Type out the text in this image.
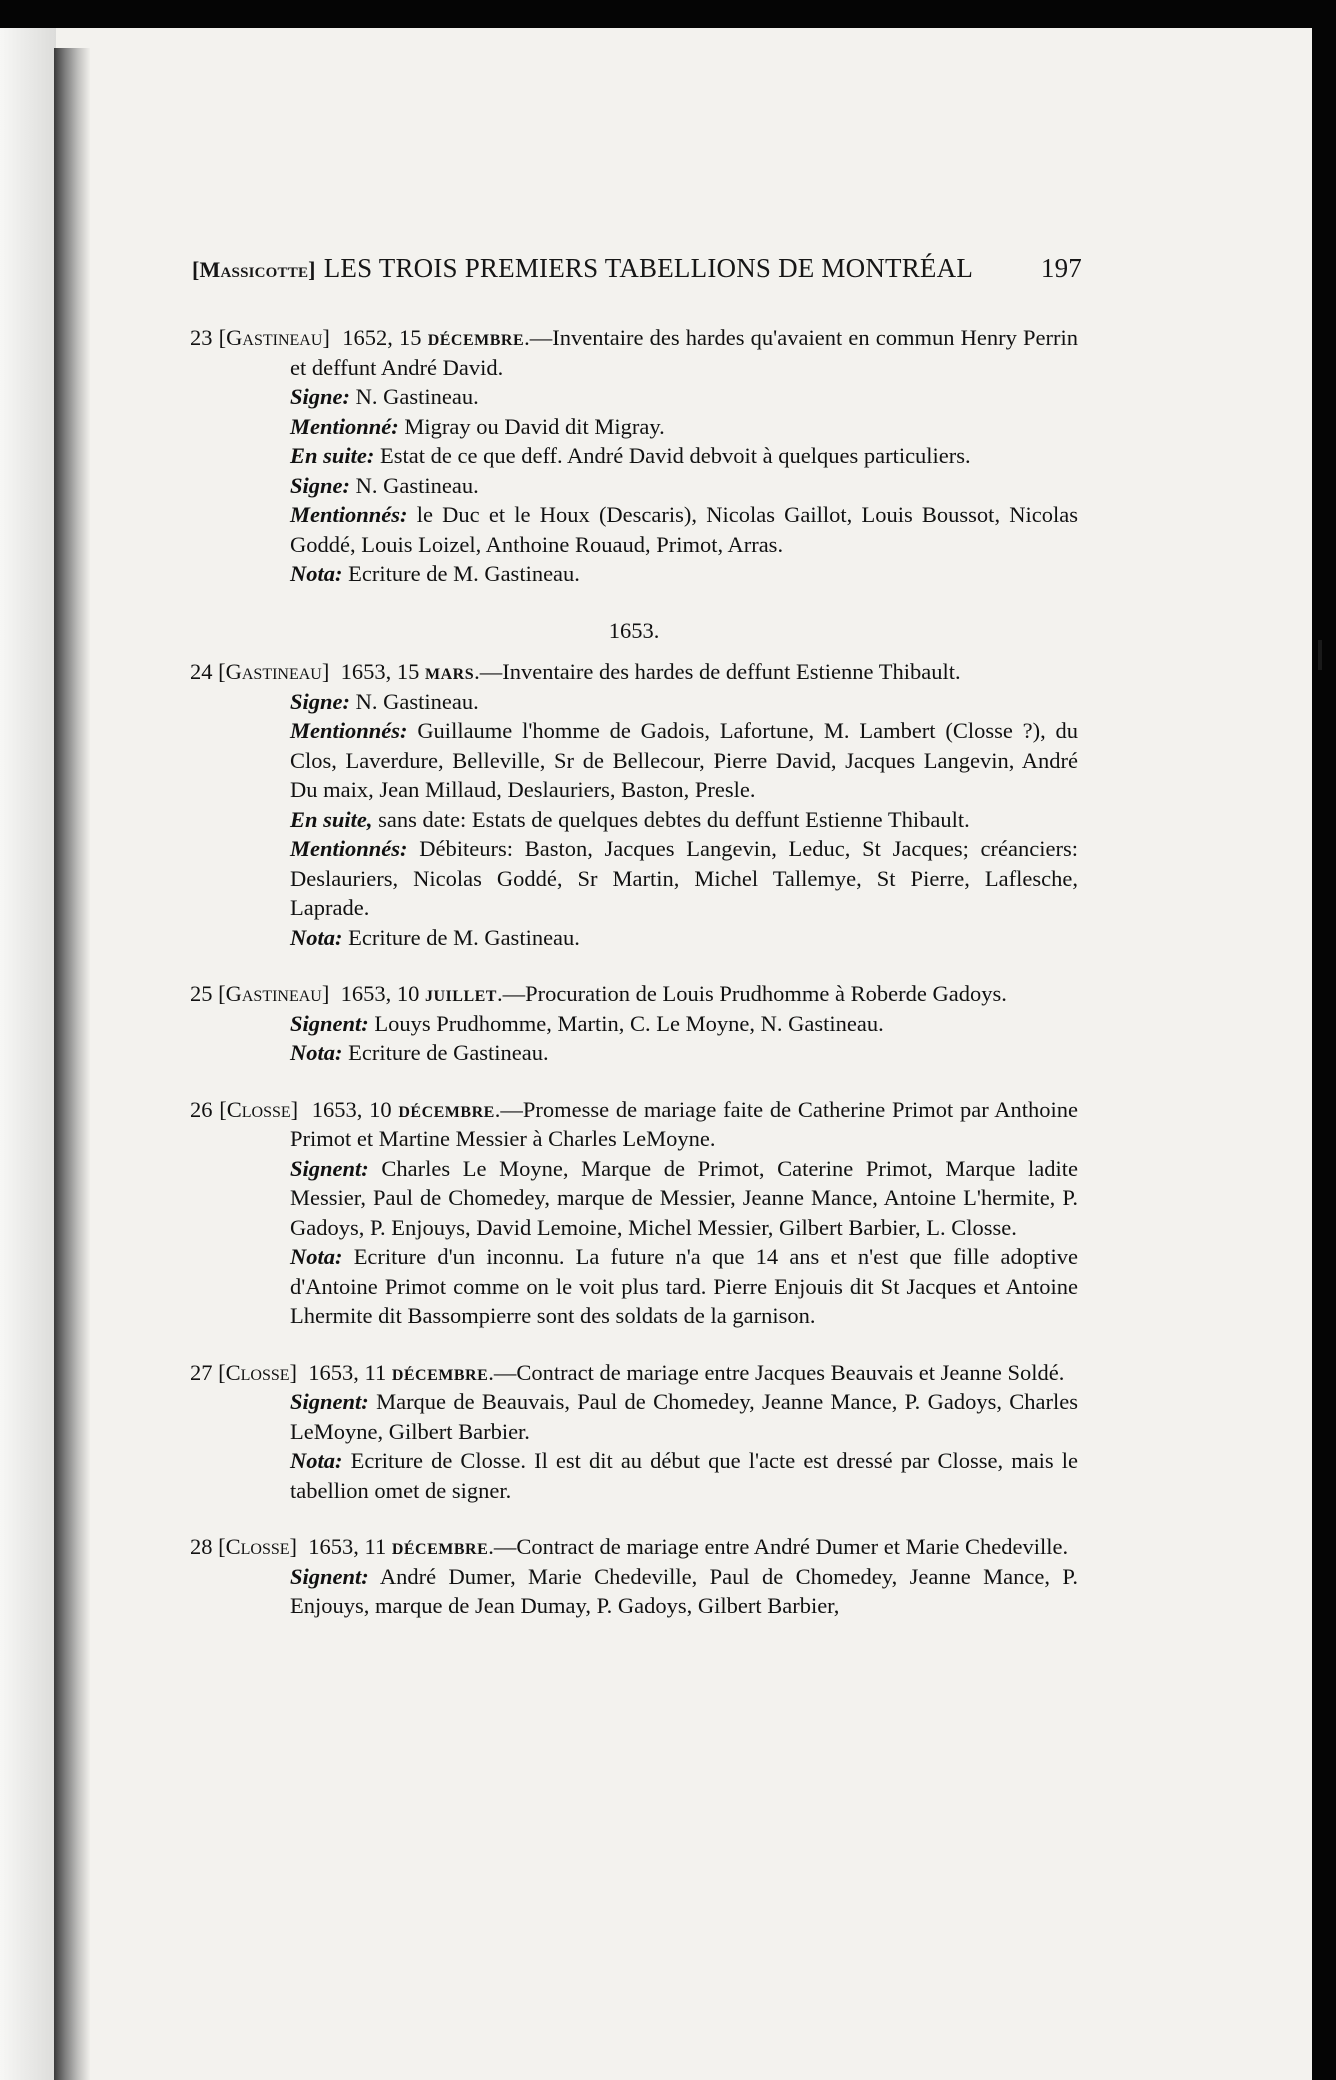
[Massicotte] LES TROIS PREMIERS TABELLIONS DE MONTRÉAL	197
23 [Gastineau] 1652, 15 décembre.—Inventaire des hardes qu'avaient en commun Henry Perrin et deffunt André David.
Signe: N. Gastineau.
Mentionné: Migray ou David dit Migray.
En suite: Estat de ce que deff. André David debvoit à quelques particuliers.
Signe: N. Gastineau.
Mentionnés: le Duc et le Houx (Descaris), Nicolas Gaillot, Louis Boussot, Nicolas Goddé, Louis Loizel, Anthoine Rouaud, Primot, Arras.
Nota: Ecriture de M. Gastineau.
1653.
24 [Gastineau] 1653, 15 mars.—Inventaire des hardes de deffunt Estienne Thibault.
Signe: N. Gastineau.
Mentionnés: Guillaume l'homme de Gadois, Lafortune, M. Lambert (Closse ?), du Clos, Laverdure, Belleville, Sr de Bellecour, Pierre David, Jacques Langevin, André Du maix, Jean Millaud, Deslauriers, Baston, Presle.
En suite, sans date: Estats de quelques debtes du deffunt Estienne Thibault.
Mentionnés: Débiteurs: Baston, Jacques Langevin, Leduc, St Jacques; créanciers: Deslauriers, Nicolas Goddé, Sr Martin, Michel Tallemye, St Pierre, Laflesche, Laprade.
Nota: Ecriture de M. Gastineau.
25 [Gastineau] 1653, 10 juillet.—Procuration de Louis Prudhomme à Roberde Gadoys.
Signent: Louys Prudhomme, Martin, C. Le Moyne, N. Gastineau.
Nota: Ecriture de Gastineau.
26 [Closse] 1653, 10 décembre.—Promesse de mariage faite de Catherine Primot par Anthoine Primot et Martine Messier à Charles LeMoyne.
Signent: Charles Le Moyne, Marque de Primot, Caterine Primot, Marque ladite Messier, Paul de Chomedey, marque de Messier, Jeanne Mance, Antoine L'hermite, P. Gadoys, P. Enjouys, David Lemoine, Michel Messier, Gilbert Barbier, L. Closse.
Nota: Ecriture d'un inconnu. La future n'a que 14 ans et n'est que fille adoptive d'Antoine Primot comme on le voit plus tard. Pierre Enjouis dit St Jacques et Antoine Lhermite dit Bassompierre sont des soldats de la garnison.
27 [Closse] 1653, 11 décembre.—Contract de mariage entre Jacques Beauvais et Jeanne Soldé.
Signent: Marque de Beauvais, Paul de Chomedey, Jeanne Mance, P. Gadoys, Charles LeMoyne, Gilbert Barbier.
Nota: Ecriture de Closse. Il est dit au début que l'acte est dressé par Closse, mais le tabellion omet de signer.
28 [Closse] 1653, 11 décembre.—Contract de mariage entre André Dumer et Marie Chedeville.
Signent: André Dumer, Marie Chedeville, Paul de Chomedey, Jeanne Mance, P. Enjouys, marque de Jean Dumay, P. Gadoys, Gilbert Barbier,
